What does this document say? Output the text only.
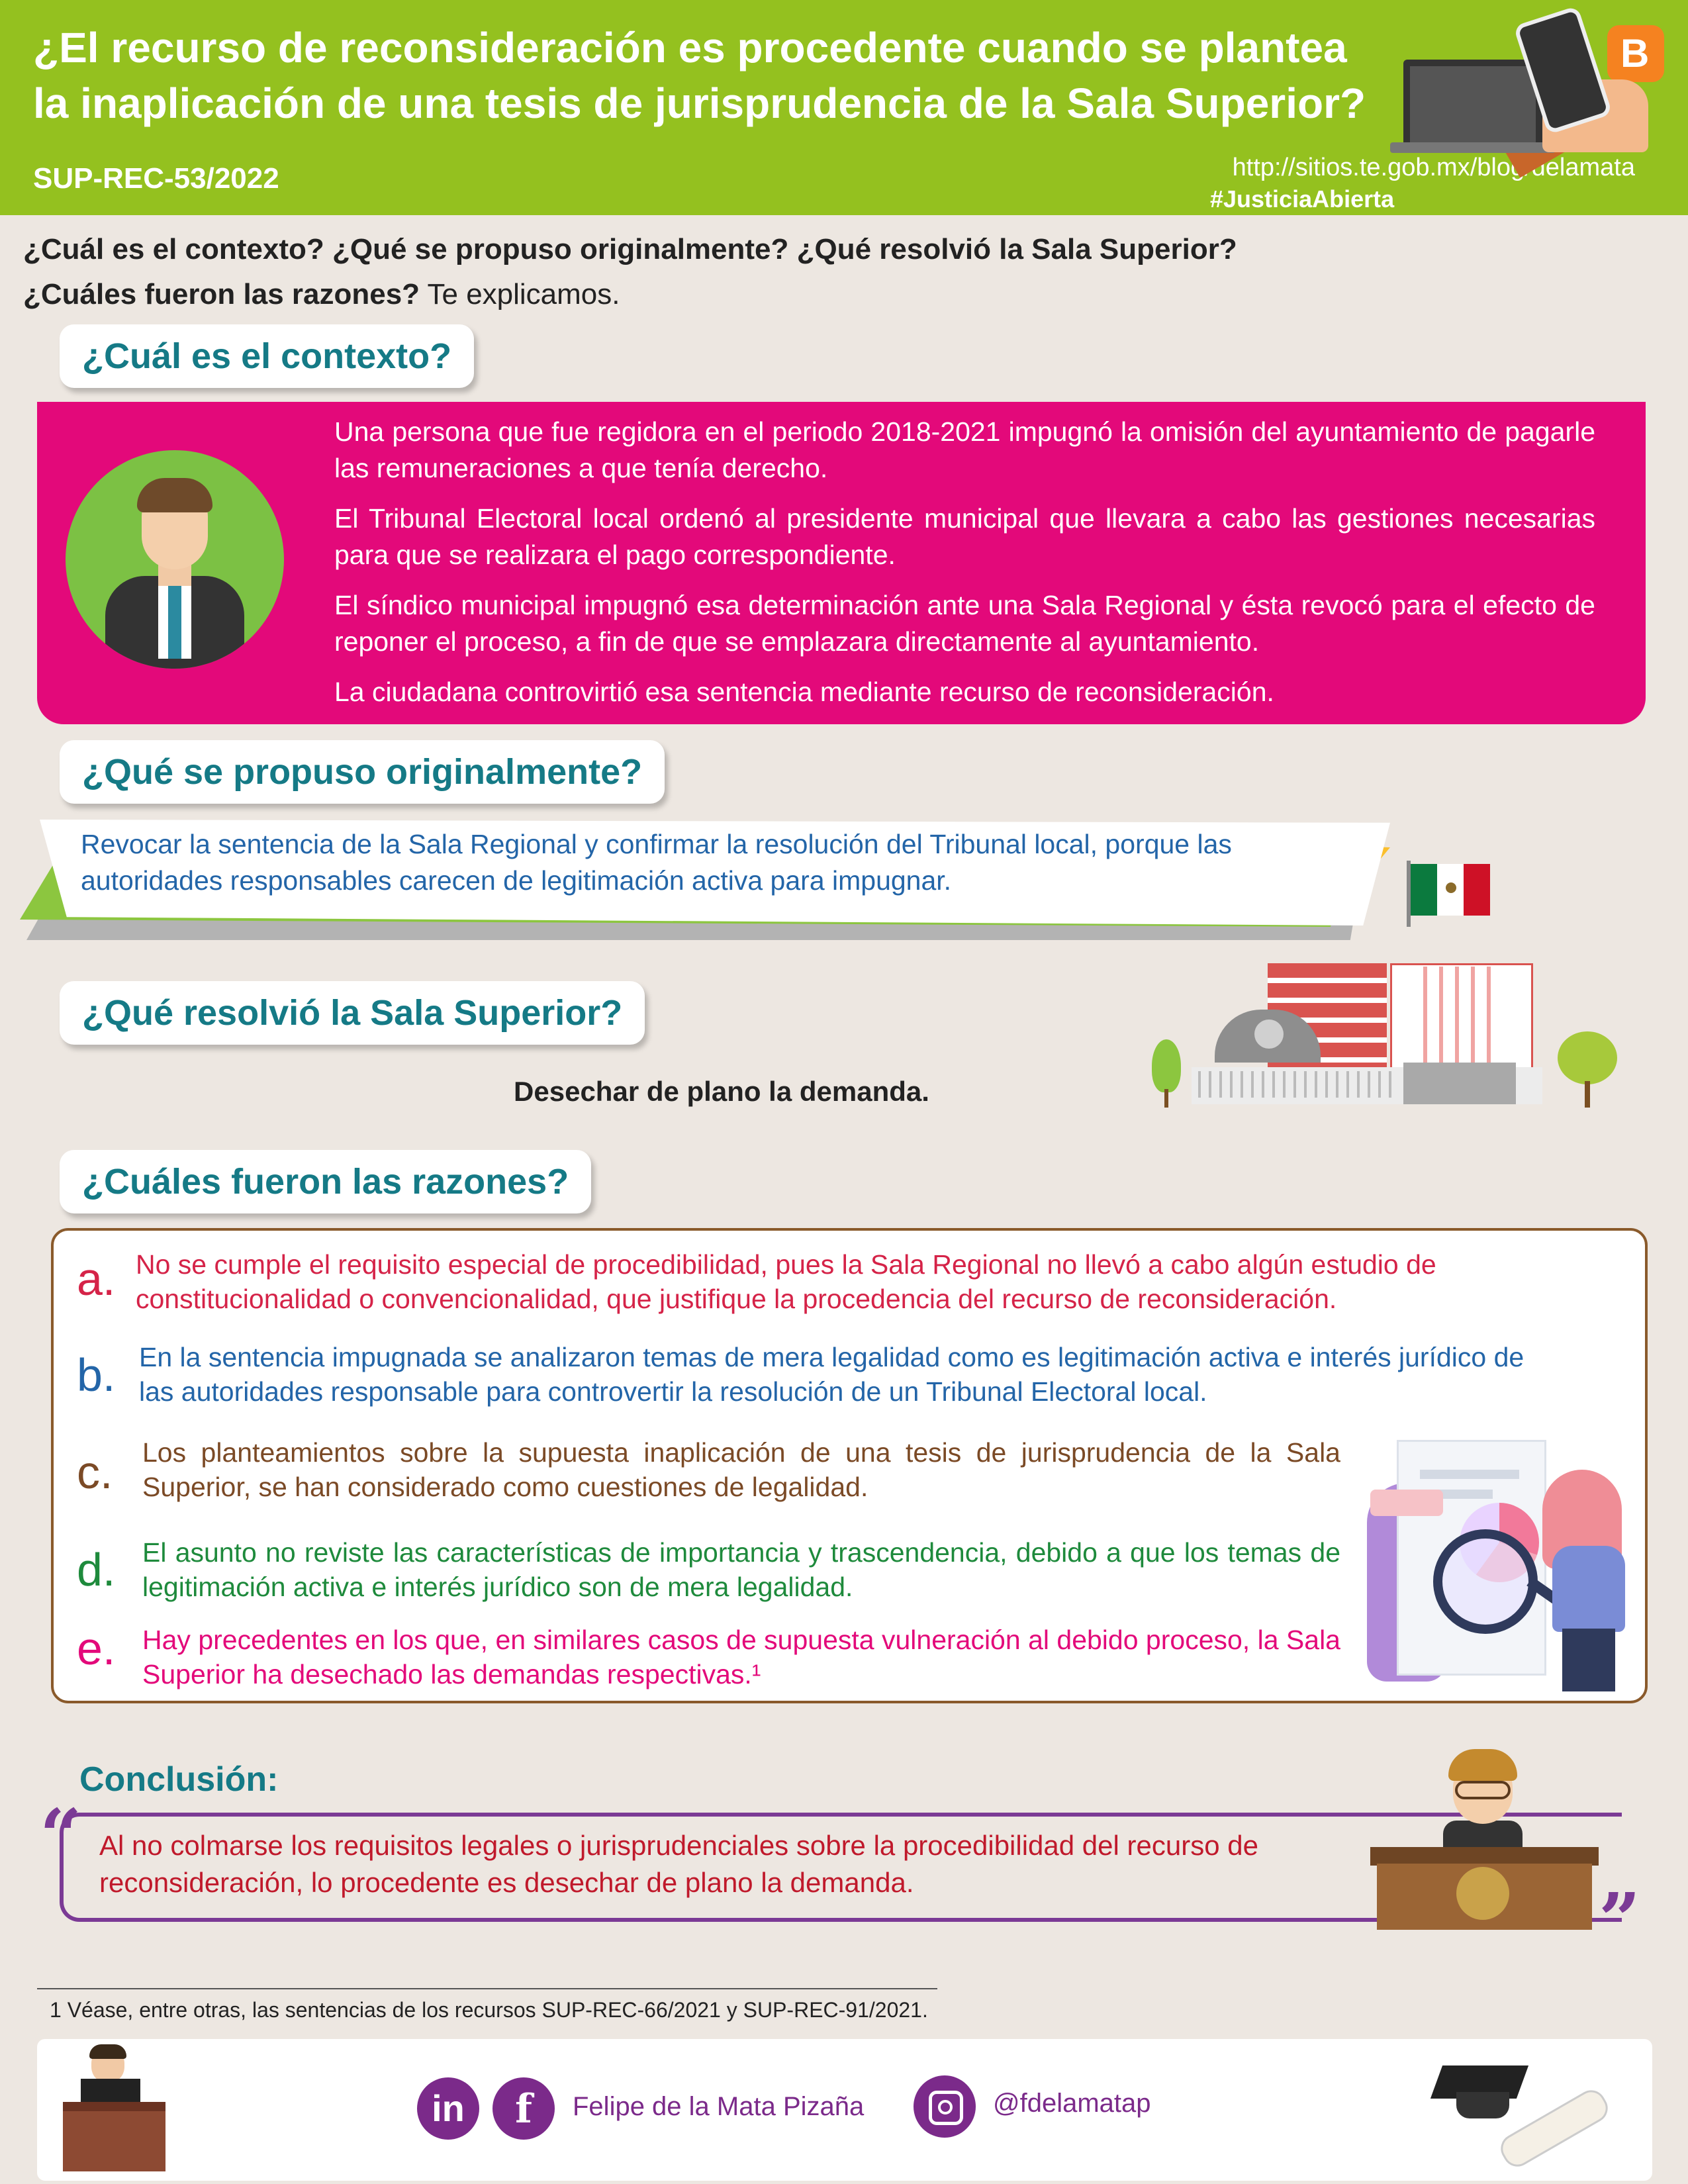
¿El recurso de reconsideración es procedente cuando se plantea la inaplicación de una tesis de jurisprudencia de la Sala Superior?
SUP-REC-53/2022	http://sitios.te.gob.mx/blog/delamata
#JusticiaAbierta
B
¿Cuál es el contexto? ¿Qué se propuso originalmente? ¿Qué resolvió la Sala Superior?
¿Cuáles fueron las razones? Te explicamos.
¿Cuál es el contexto?

Una persona que fue regidora en el periodo 2018-2021 impugnó la omisión del ayuntamiento de pagarle las remuneraciones a que tenía derecho.

El Tribunal Electoral local ordenó al presidente municipal que llevara a cabo las gestiones necesarias para que se realizara el pago correspondiente.

El síndico municipal impugnó esa determinación ante una Sala Regional y ésta revocó para el efecto de reponer el proceso, a fin de que se emplazara directamente al ayuntamiento.

La ciudadana controvirtió esa sentencia mediante recurso de reconsideración.

¿Qué se propuso originalmente?

Revocar la sentencia de la Sala Regional y confirmar la resolución del Tribunal local, porque las autoridades responsables carecen de legitimación activa para impugnar.

¿Qué resolvió la Sala Superior?
Desechar de plano la demanda.
¿Cuáles fueron las razones?
a. No se cumple el requisito especial de procedibilidad, pues la Sala Regional no llevó a cabo algún estudio de constitucionalidad o convencionalidad, que justifique la procedencia del recurso de reconsideración.

b. En la sentencia impugnada se analizaron temas de mera legalidad como es legitimación activa e interés jurídico de las autoridades responsable para controvertir la resolución de un Tribunal Electoral local.

c. Los planteamientos sobre la supuesta inaplicación de una tesis de jurisprudencia de la Sala Superior, se han considerado como cuestiones de legalidad.

d. El asunto no reviste las características de importancia y trascendencia, debido a que los temas de legitimación activa e interés jurídico son de mera legalidad.

e. Hay precedentes en los que, en similares casos de supuesta vulneración al debido proceso, la Sala Superior ha desechado las demandas respectivas.¹

Conclusión:
“
”

Al no colmarse los requisitos legales o jurisprudenciales sobre la procedibilidad del recurso de reconsideración, lo procedente es desechar de plano la demanda.

1 Véase, entre otras, las sentencias de los recursos SUP-REC-66/2021 y SUP-REC-91/2021.
in	f	Felipe de la Mata Pizaña	@fdelamatap
